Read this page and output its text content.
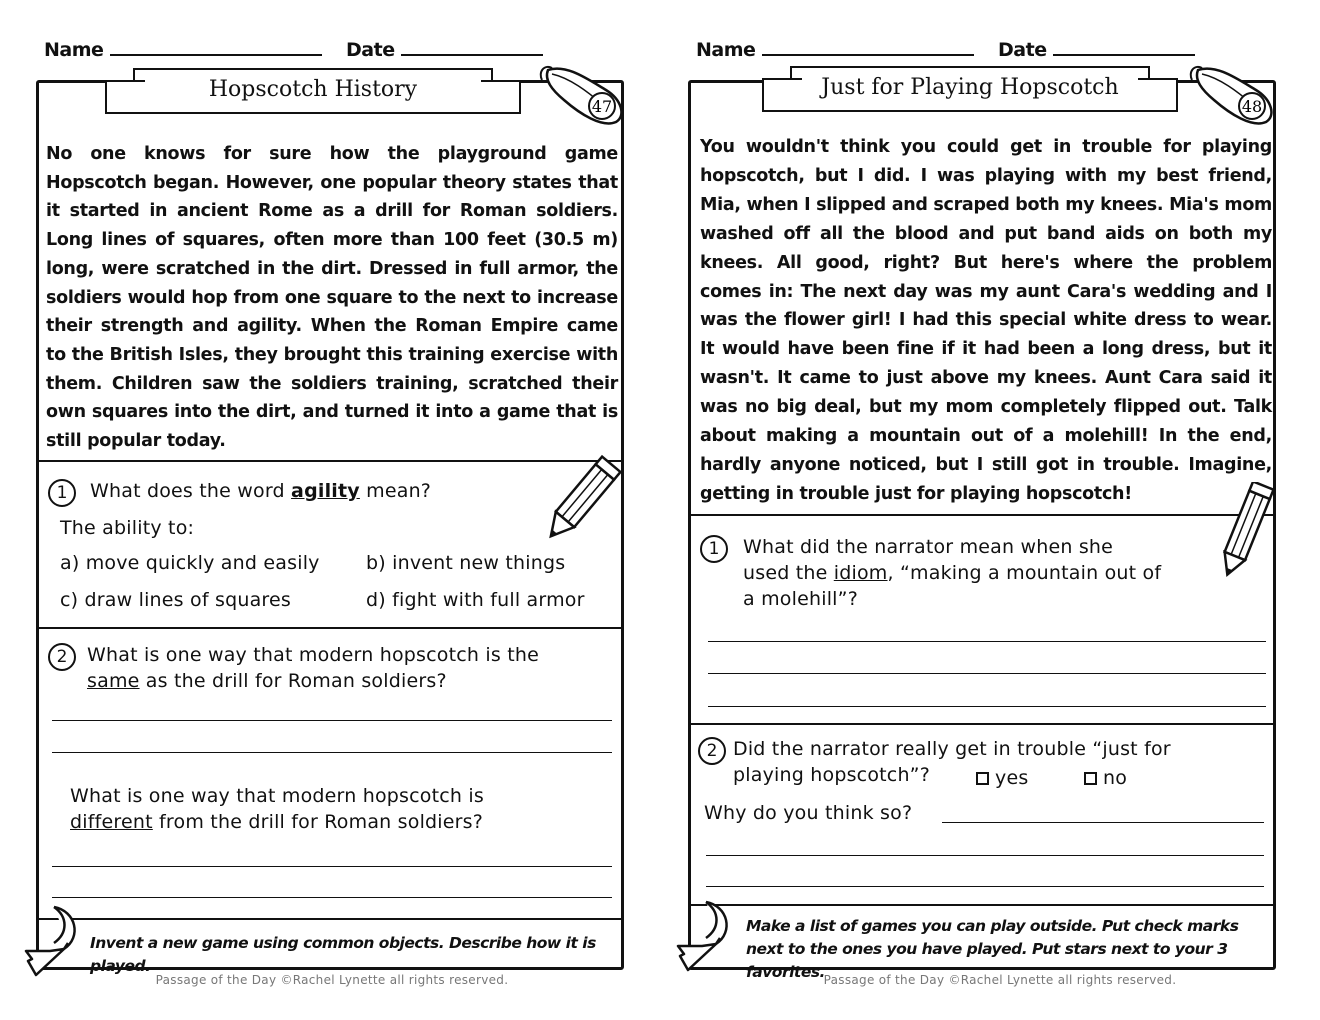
Name	Date
Hopscotch History
47
No one knows for sure how the playground game Hopscotch began. However, one popular theory states that it started in ancient Rome as a drill for Roman soldiers. Long lines of squares, often more than 100 feet (30.5 m) long, were scratched in the dirt. Dressed in full armor, the soldiers would hop from one square to the next to increase their strength and agility. When the Roman Empire came to the British Isles, they brought this training exercise with them. Children saw the soldiers training, scratched their own squares into the dirt, and turned it into a game that is still popular today.
1	What does the word agility mean?
The ability to:
a) move quickly and easily b) invent new things
c) draw lines of squares	d) fight with full armor
2	What is one way that modern hopscotch is the
same as the drill for Roman soldiers?
What is one way that modern hopscotch is
different from the drill for Roman soldiers?
Invent a new game using common objects. Describe how it is played.
Passage of the Day ©Rachel Lynette all rights reserved.
Name	Date
Just for Playing Hopscotch
48
You wouldn't think you could get in trouble for playing hopscotch, but I did. I was playing with my best friend, Mia, when I slipped and scraped both my knees. Mia's mom washed off all the blood and put band aids on both my knees. All good, right? But here's where the problem comes in: The next day was my aunt Cara's wedding and I was the flower girl! I had this special white dress to wear. It would have been fine if it had been a long dress, but it wasn't. It came to just above my knees. Aunt Cara said it was no big deal, but my mom completely flipped out. Talk about making a mountain out of a molehill! In the end, hardly anyone noticed, but I still got in trouble. Imagine, getting in trouble just for playing hopscotch!
1	What did the narrator mean when she
used the idiom, “making a mountain out of
a molehill”?
2 Did the narrator really get in trouble “just for
playing hopscotch”?	yes	no
Why do you think so?
Make a list of games you can play outside. Put check marks next to the ones you have played. Put stars next to your 3 favorites.
Passage of the Day ©Rachel Lynette all rights reserved.
